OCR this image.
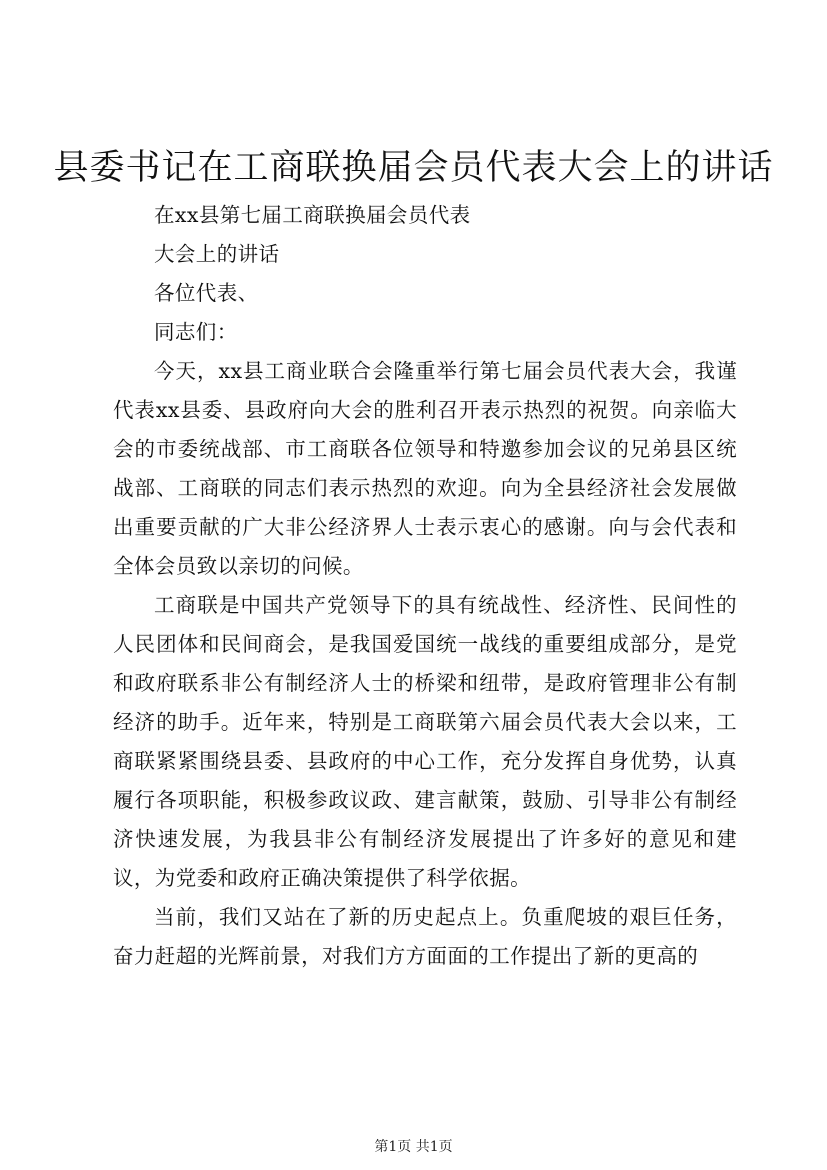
县委书记在工商联换届会员代表大会上的讲话

在xx县第七届工商联换届会员代表

大会上的讲话

各位代表、

同志们：

今天，xx县工商业联合会隆重举行第七届会员代表大会，我谨代表xx县委、县政府向大会的胜利召开表示热烈的祝贺。向亲临大会的市委统战部、市工商联各位领导和特邀参加会议的兄弟县区统战部、工商联的同志们表示热烈的欢迎。向为全县经济社会发展做出重要贡献的广大非公经济界人士表示衷心的感谢。向与会代表和全体会员致以亲切的问候。

工商联是中国共产党领导下的具有统战性、经济性、民间性的人民团体和民间商会，是我国爱国统一战线的重要组成部分，是党和政府联系非公有制经济人士的桥梁和纽带，是政府管理非公有制经济的助手。近年来，特别是工商联第六届会员代表大会以来，工商联紧紧围绕县委、县政府的中心工作，充分发挥自身优势，认真履行各项职能，积极参政议政、建言献策，鼓励、引导非公有制经济快速发展，为我县非公有制经济发展提出了许多好的意见和建议，为党委和政府正确决策提供了科学依据。

当前，我们又站在了新的历史起点上。负重爬坡的艰巨任务，奋力赶超的光辉前景，对我们方方面面的工作提出了新的更高的

第1页 共1页
